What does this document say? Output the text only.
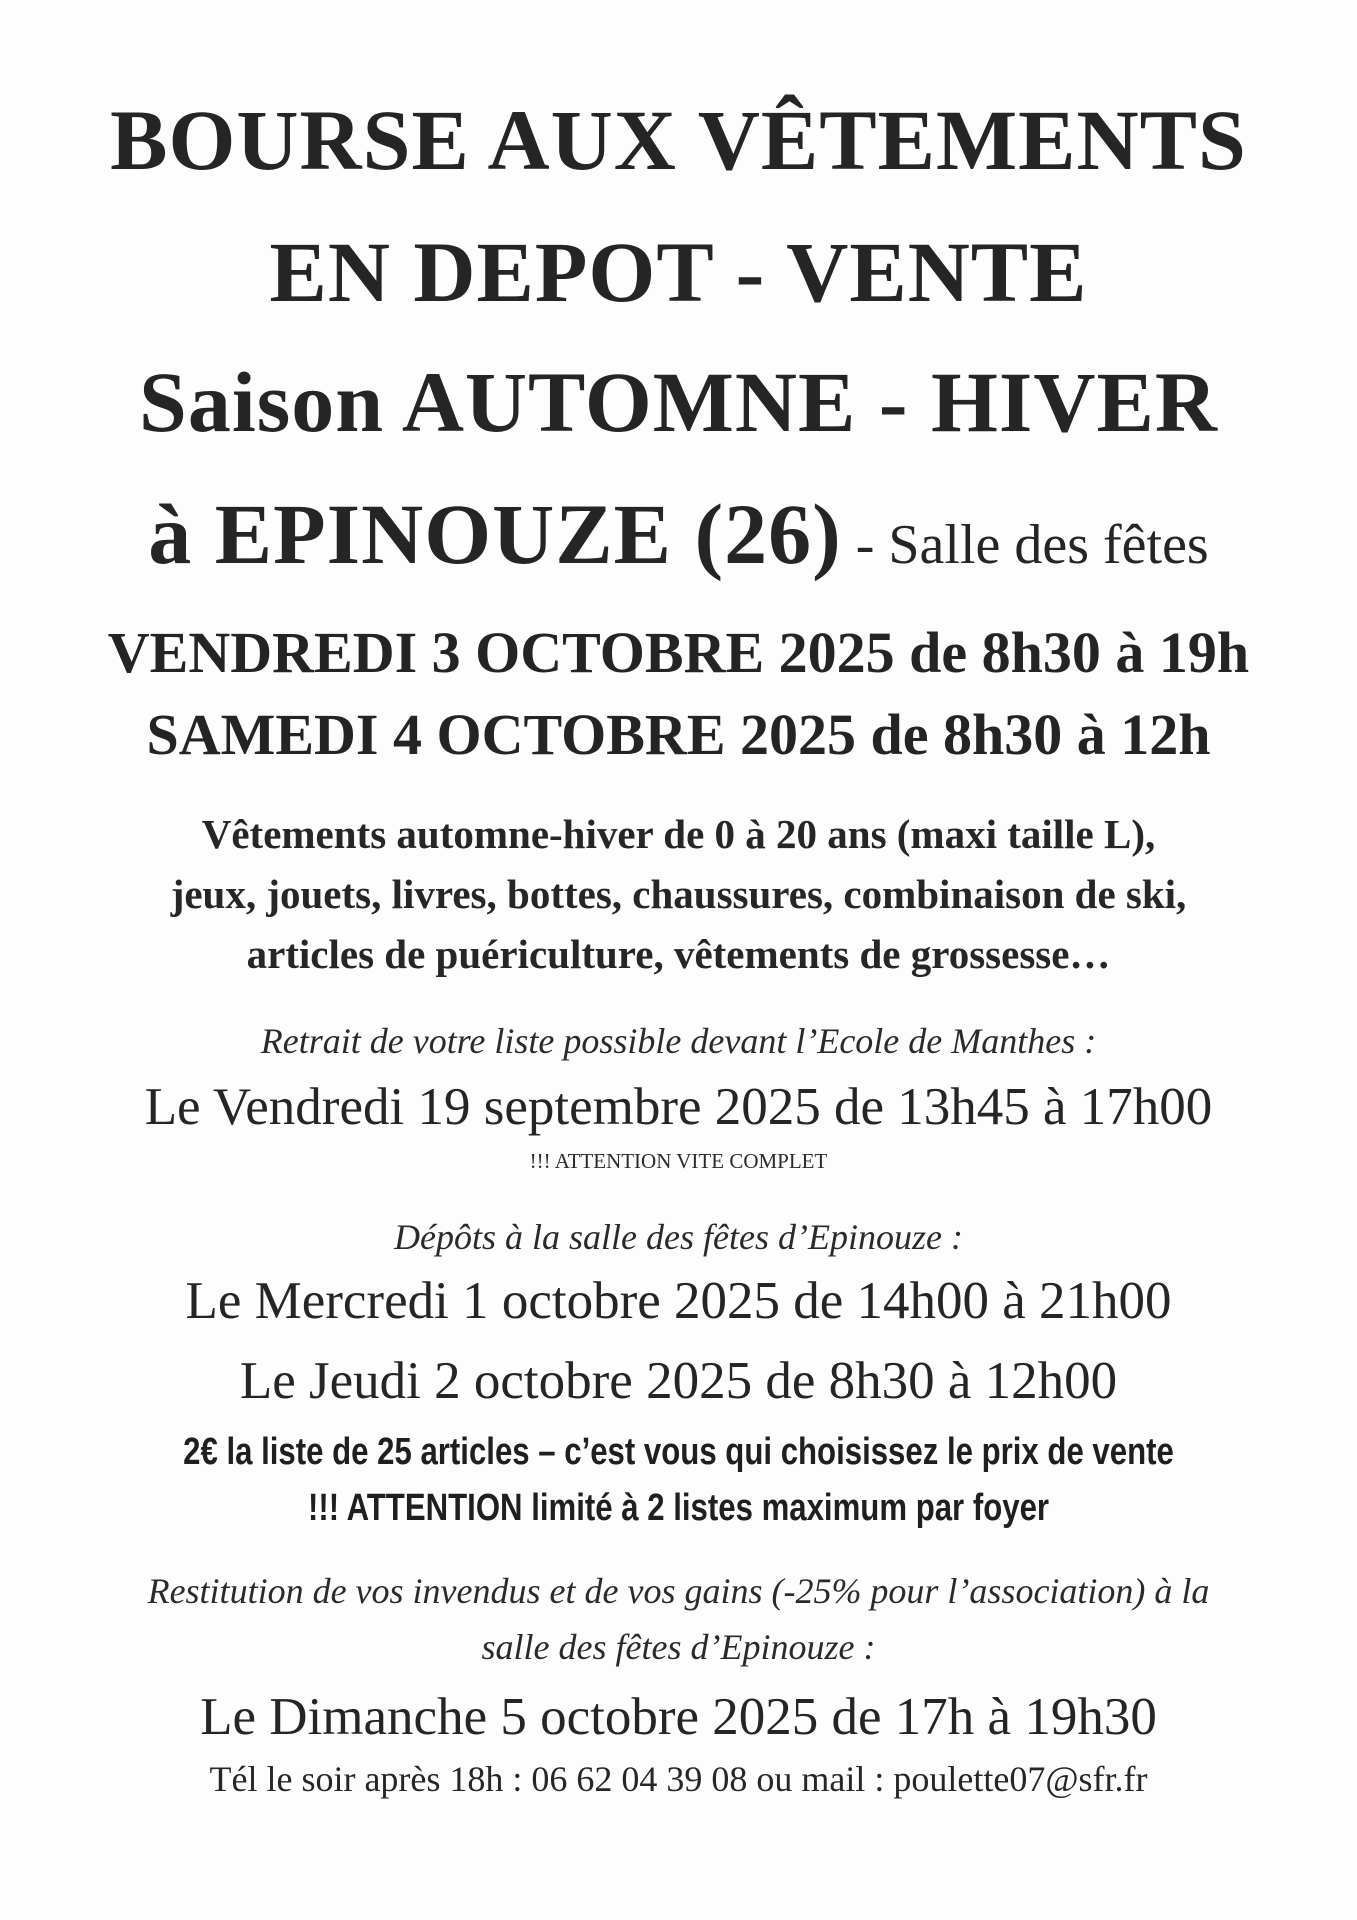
BOURSE AUX VÊTEMENTS

EN DEPOT - VENTE

Saison AUTOMNE - HIVER

à EPINOUZE (26) - Salle des fêtes

VENDREDI 3 OCTOBRE 2025 de 8h30 à 19h

SAMEDI 4 OCTOBRE 2025 de 8h30 à 12h

Vêtements automne-hiver de 0 à 20 ans (maxi taille L),

jeux, jouets, livres, bottes, chaussures, combinaison de ski,

articles de puériculture, vêtements de grossesse…

Retrait de votre liste possible devant l’Ecole de Manthes :

Le Vendredi 19 septembre 2025 de 13h45 à 17h00

!!! ATTENTION VITE COMPLET

Dépôts à la salle des fêtes d’Epinouze :

Le Mercredi 1 octobre 2025 de 14h00 à 21h00

Le Jeudi 2 octobre 2025 de 8h30 à 12h00

2€ la liste de 25 articles – c’est vous qui choisissez le prix de vente

!!! ATTENTION limité à 2 listes maximum par foyer

Restitution de vos invendus et de vos gains (-25% pour l’association) à la

salle des fêtes d’Epinouze :

Le Dimanche 5 octobre 2025 de 17h à 19h30

Tél le soir après 18h : 06 62 04 39 08 ou mail : poulette07@sfr.fr
